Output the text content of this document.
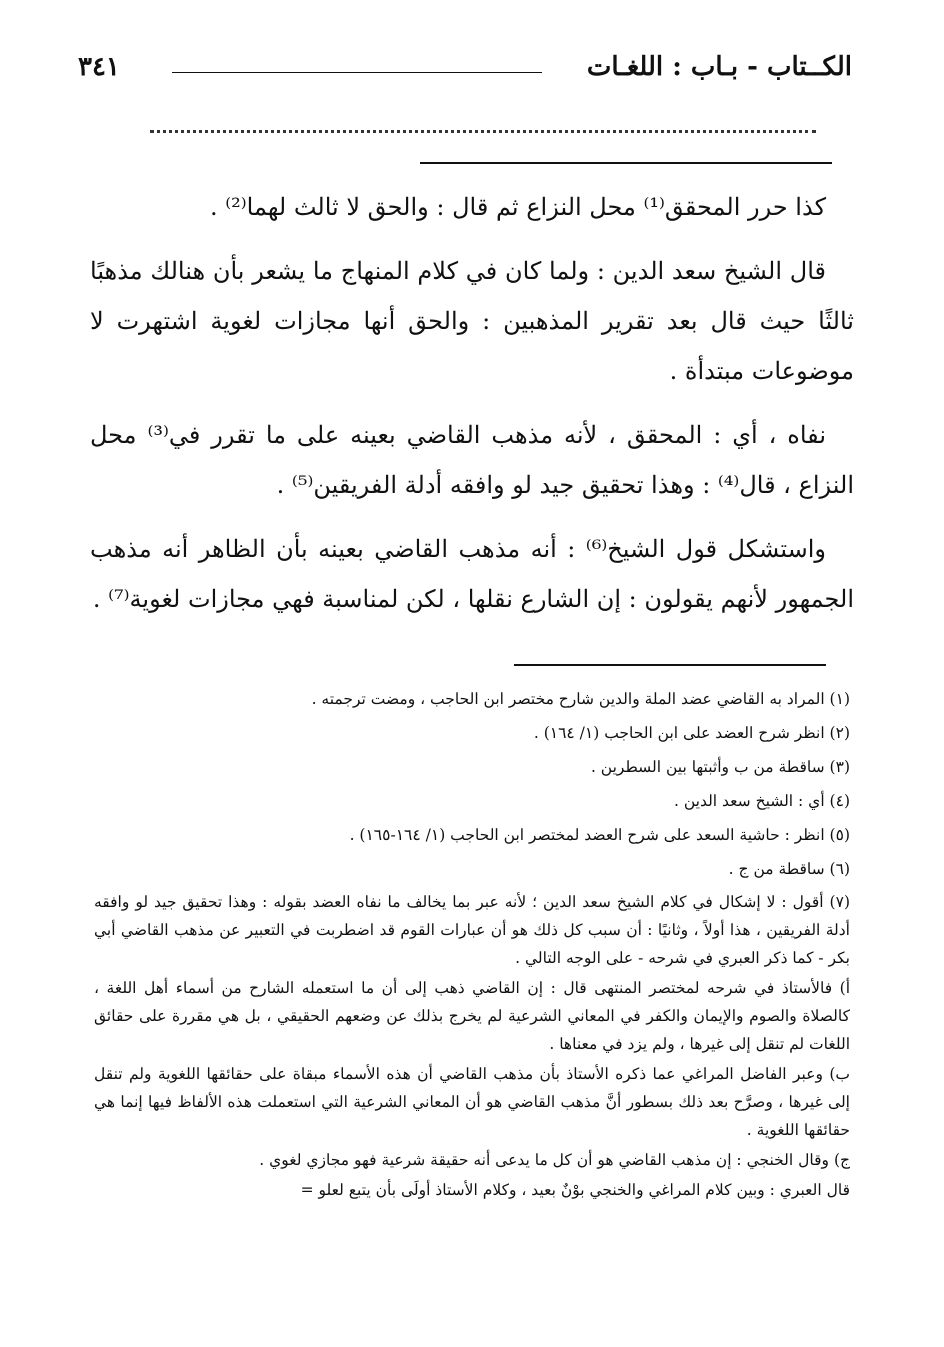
الكــتاب - بـاب : اللغـات
٣٤١

كذا حرر المحقق⁽¹⁾ محل النزاع ثم قال : والحق لا ثالث لهما⁽²⁾ .

قال الشيخ سعد الدين : ولما كان في كلام المنهاج ما يشعر بأن هنالك مذهبًا ثالثًا حيث قال بعد تقرير المذهبين : والحق أنها مجازات لغوية اشتهرت لا موضوعات مبتدأة .

نفاه ، أي : المحقق ، لأنه مذهب القاضي بعينه على ما تقرر في⁽³⁾ محل النزاع ، قال⁽⁴⁾ : وهذا تحقيق جيد لو وافقه أدلة الفريقين⁽⁵⁾ .

واستشكل قول الشيخ⁽⁶⁾ : أنه مذهب القاضي بعينه بأن الظاهر أنه مذهب الجمهور لأنهم يقولون : إن الشارع نقلها ، لكن لمناسبة فهي مجازات لغوية⁽⁷⁾ .

(١) المراد به القاضي عضد الملة والدين شارح مختصر ابن الحاجب ، ومضت ترجمته .

(٢) انظر شرح العضد على ابن الحاجب (١/ ١٦٤) .

(٣) ساقطة من ب وأثبتها بين السطرين .

(٤) أي : الشيخ سعد الدين .

(٥) انظر : حاشية السعد على شرح العضد لمختصر ابن الحاجب (١/ ١٦٤-١٦٥) .

(٦) ساقطة من ج .

(٧) أقول : لا إشكال في كلام الشيخ سعد الدين ؛ لأنه عبر بما يخالف ما نفاه العضد بقوله : وهذا تحقيق جيد لو وافقه أدلة الفريقين ، هذا أولاً ، وثانيًا : أن سبب كل ذلك هو أن عبارات القوم قد اضطربت في التعبير عن مذهب القاضي أبي بكر - كما ذكر العبري في شرحه - على الوجه التالي .

أ) فالأستاذ في شرحه لمختصر المنتهى قال : إن القاضي ذهب إلى أن ما استعمله الشارح من أسماء أهل اللغة ، كالصلاة والصوم والإيمان والكفر في المعاني الشرعية لم يخرج بذلك عن وضعهم الحقيقي ، بل هي مقررة على حقائق اللغات لم تنقل إلى غيرها ، ولم يزد في معناها .

ب) وعبر الفاضل المراغي عما ذكره الأستاذ بأن مذهب القاضي أن هذه الأسماء مبقاة على حقائقها اللغوية ولم تنقل إلى غيرها ، وصرَّح بعد ذلك بسطور أنَّ مذهب القاضي هو أن المعاني الشرعية التي استعملت هذه الألفاظ فيها إنما هي حقائقها اللغوية .

ج) وقال الخنجي : إن مذهب القاضي هو أن كل ما يدعى أنه حقيقة شرعية فهو مجازي لغوي .

قال العبري : وبين كلام المراغي والخنجي بوْنٌ بعيد ، وكلام الأستاذ أولَى بأن يتبع لعلو =
